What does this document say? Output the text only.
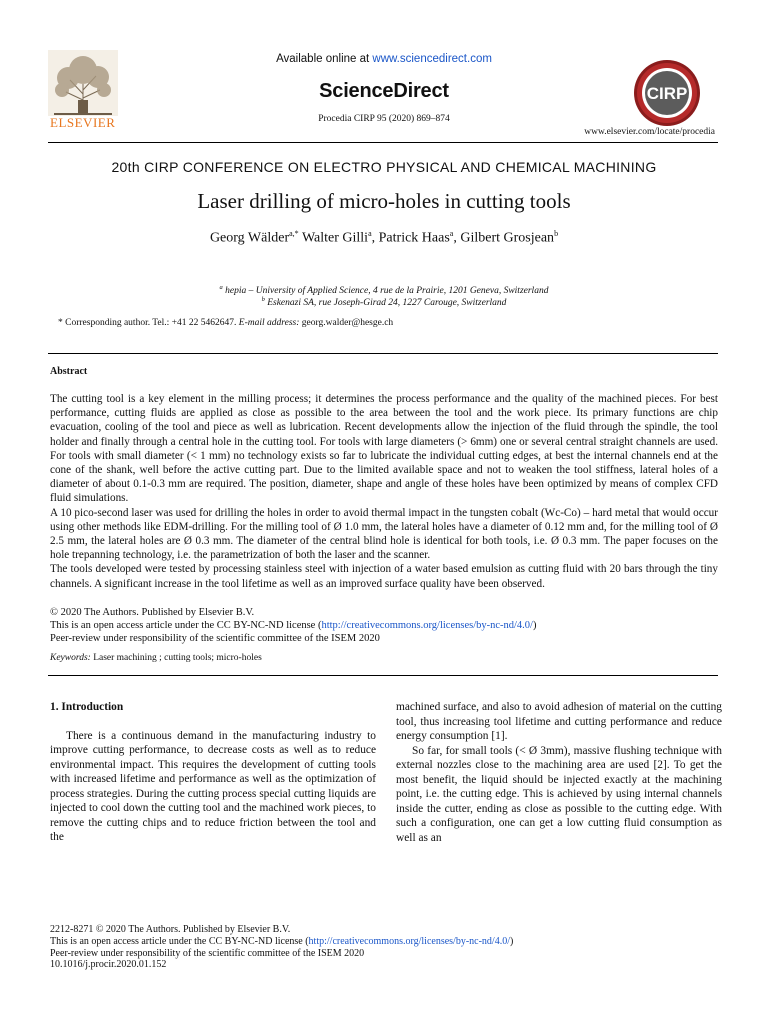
ELSEVIER
Available online at www.sciencedirect.com
ScienceDirect
Procedia CIRP 95 (2020) 869–874
CIRP
www.elsevier.com/locate/procedia
20th CIRP CONFERENCE ON ELECTRO PHYSICAL AND CHEMICAL MACHINING
Laser drilling of micro-holes in cutting tools
Georg Wälder$^{a,*}$ Walter Gilli$^a$, Patrick Haas$^a$, Gilbert Grosjean$^b$
$^a$ hepia – University of Applied Science, 4 rue de la Prairie, 1201 Geneva, Switzerland
$^b$ Eskenazi SA, rue Joseph-Girad 24, 1227 Carouge, Switzerland
* Corresponding author. Tel.: +41 22 5462647. E-mail address: georg.walder@hesge.ch
Abstract

The cutting tool is a key element in the milling process; it determines the process performance and the quality of the machined pieces. For best performance, cutting fluids are applied as close as possible to the area between the tool and the work piece. Its primary functions are chip evacuation, cooling of the tool and piece as well as lubrication. Recent developments allow the injection of the fluid through the spindle, the tool holder and finally through a central hole in the cutting tool. For tools with large diameters (> 6mm) one or several central straight channels are used. For tools with small diameter (< 1 mm) no technology exists so far to lubricate the individual cutting edges, at best the internal channels end at the cone of the shank, well before the active cutting part. Due to the limited available space and not to weaken the tool stiffness, lateral holes of a diameter of about 0.1-0.3 mm are required. The position, diameter, shape and angle of these holes have been optimized by means of complex CFD fluid simulations.

A 10 pico-second laser was used for drilling the holes in order to avoid thermal impact in the tungsten cobalt (Wc-Co) – hard metal that would occur using other methods like EDM-drilling. For the milling tool of Ø 1.0 mm, the lateral holes have a diameter of 0.12 mm and, for the milling tool of Ø 2.5 mm, the lateral holes are Ø 0.3 mm. The diameter of the central blind hole is identical for both tools, i.e. Ø 0.3 mm. The paper focuses on the hole trepanning technology, i.e. the parametrization of both the laser and the scanner.

The tools developed were tested by processing stainless steel with injection of a water based emulsion as cutting fluid with 20 bars through the tiny channels. A significant increase in the tool lifetime as well as an improved surface quality have been observed.

© 2020 The Authors. Published by Elsevier B.V.
This is an open access article under the CC BY-NC-ND license (http://creativecommons.org/licenses/by-nc-nd/4.0/)
Peer-review under responsibility of the scientific committee of the ISEM 2020
Keywords: Laser machining ; cutting tools; micro-holes

1. Introduction

There is a continuous demand in the manufacturing industry to improve cutting performance, to decrease costs as well as to reduce environmental impact. This requires the development of cutting tools with increased lifetime and performance as well as the optimization of process strategies. During the cutting process special cutting liquids are injected to cool down the cutting tool and the machined work pieces, to remove the cutting chips and to reduce friction between the tool and the

machined surface, and also to avoid adhesion of material on the cutting tool, thus increasing tool lifetime and cutting performance and reduce energy consumption [1].

So far, for small tools (< Ø 3mm), massive flushing technique with external nozzles close to the machining area are used [2]. To get the most benefit, the liquid should be injected exactly at the machining point, i.e. the cutting edge. This is achieved by using internal channels inside the cutter, ending as close as possible to the cutting edge. With such a configuration, one can get a low cutting fluid consumption as well as an

2212-8271 © 2020 The Authors. Published by Elsevier B.V.
This is an open access article under the CC BY-NC-ND license (http://creativecommons.org/licenses/by-nc-nd/4.0/)
Peer-review under responsibility of the scientific committee of the ISEM 2020
10.1016/j.procir.2020.01.152
